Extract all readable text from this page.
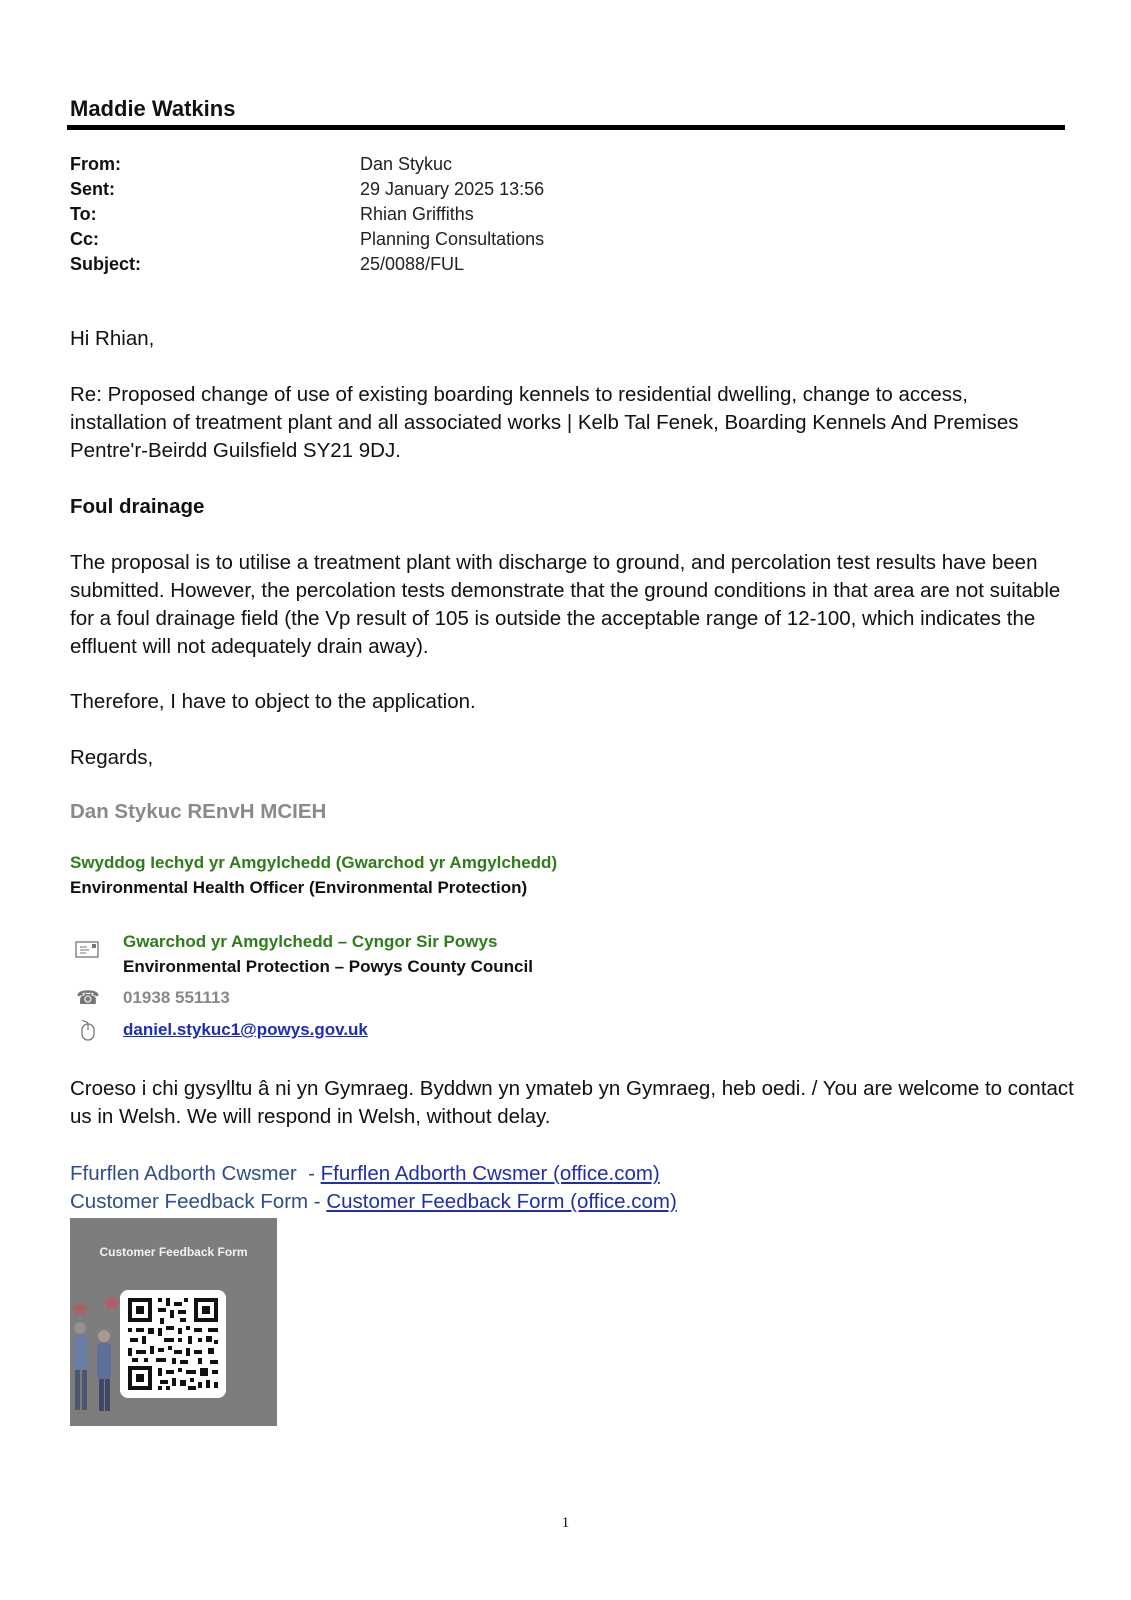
Maddie Watkins
From:	Dan Stykuc
Sent:	29 January 2025 13:56
To:	Rhian Griffiths
Cc:	Planning Consultations
Subject:	25/0088/FUL
Hi Rhian,
Re: Proposed change of use of existing boarding kennels to residential dwelling, change to access, installation of treatment plant and all associated works | Kelb Tal Fenek, Boarding Kennels And Premises Pentre'r-Beirdd Guilsfield SY21 9DJ.
Foul drainage
The proposal is to utilise a treatment plant with discharge to ground, and percolation test results have been submitted. However, the percolation tests demonstrate that the ground conditions in that area are not suitable for a foul drainage field (the Vp result of 105 is outside the acceptable range of 12-100, which indicates the effluent will not adequately drain away).
Therefore, I have to object to the application.
Regards,
Dan Stykuc REnvH MCIEH
Swyddog Iechyd yr Amgylchedd (Gwarchod yr Amgylchedd)
Environmental Health Officer (Environmental Protection)
Gwarchod yr Amgylchedd – Cyngor Sir Powys
Environmental Protection – Powys County Council
☎ 01938 551113
daniel.stykuc1@powys.gov.uk
Croeso i chi gysylltu â ni yn Gymraeg. Byddwn yn ymateb yn Gymraeg, heb oedi. / You are welcome to contact us in Welsh. We will respond in Welsh, without delay.
Ffurflen Adborth Cwsmer  - Ffurflen Adborth Cwsmer (office.com)
Customer Feedback Form - Customer Feedback Form (office.com)
Customer Feedback Form
1
